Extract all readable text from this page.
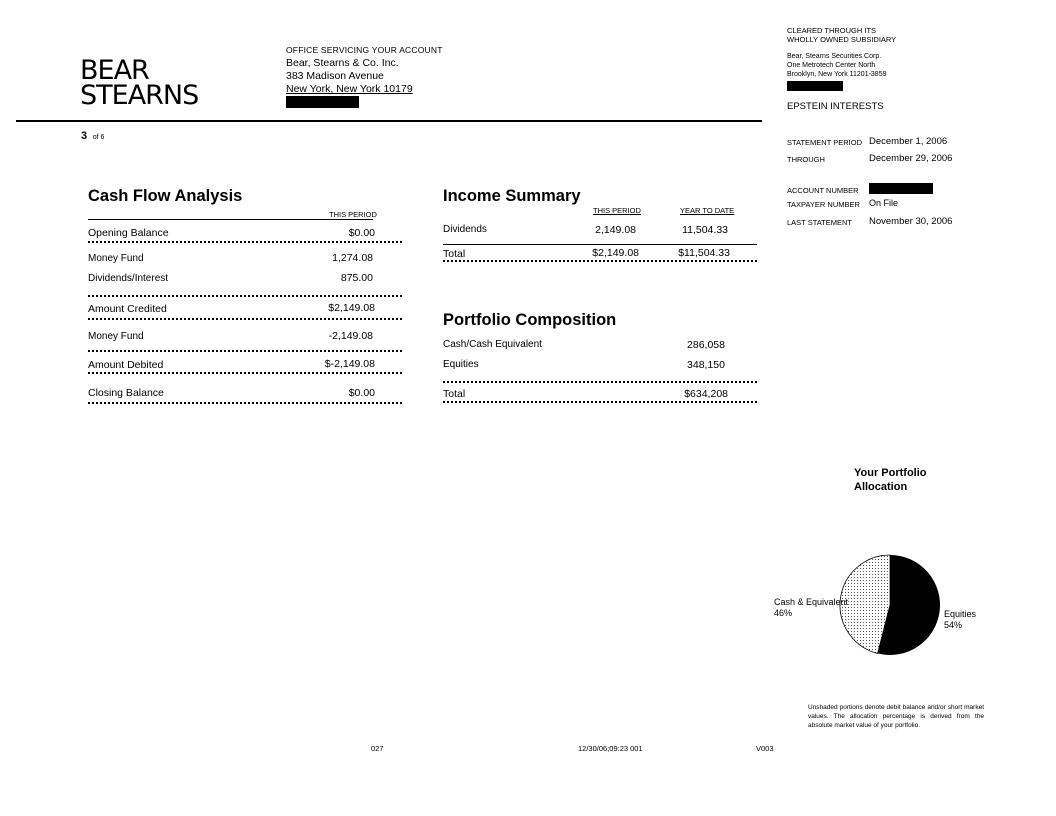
BEAR
STEARNS
OFFICE SERVICING YOUR ACCOUNT
Bear, Stearns & Co. Inc.
383 Madison Avenue
New York, New York 10179
3 of 6
CLEARED THROUGH ITS
WHOLLY OWNED SUBSIDIARY
Bear, Stearns Securities Corp.
One Metrotech Center North
Brooklyn, New York 11201-3859
EPSTEIN INTERESTS
STATEMENT PERIOD December 1, 2006
THROUGH	December 29, 2006
ACCOUNT NUMBER
TAXPAYER NUMBER On File
LAST STATEMENT November 30, 2006
Cash Flow Analysis
THIS PERIOD
Opening Balance	$0.00
Money Fund	1,274.08
Dividends/Interest	875.00
Amount Credited	$2,149.08
Money Fund	-2,149.08
Amount Debited	$-2,149.08
Closing Balance	$0.00
Income Summary
THIS PERIOD	YEAR TO DATE
Dividends	2,149.08	11,504.33
Total	$2,149.08	$11,504.33
Portfolio Composition
Cash/Cash Equivalent	286,058
Equities	348,150
Total	$634,208
Your Portfolio
Allocation
Cash & Equivalent
46%	Equities
54%
Unshaded portions denote debit balance and/or short market values. The allocation percentage is derived from the absolute market value of your portfolio.
027	12/30/06;09:23 001	V003
